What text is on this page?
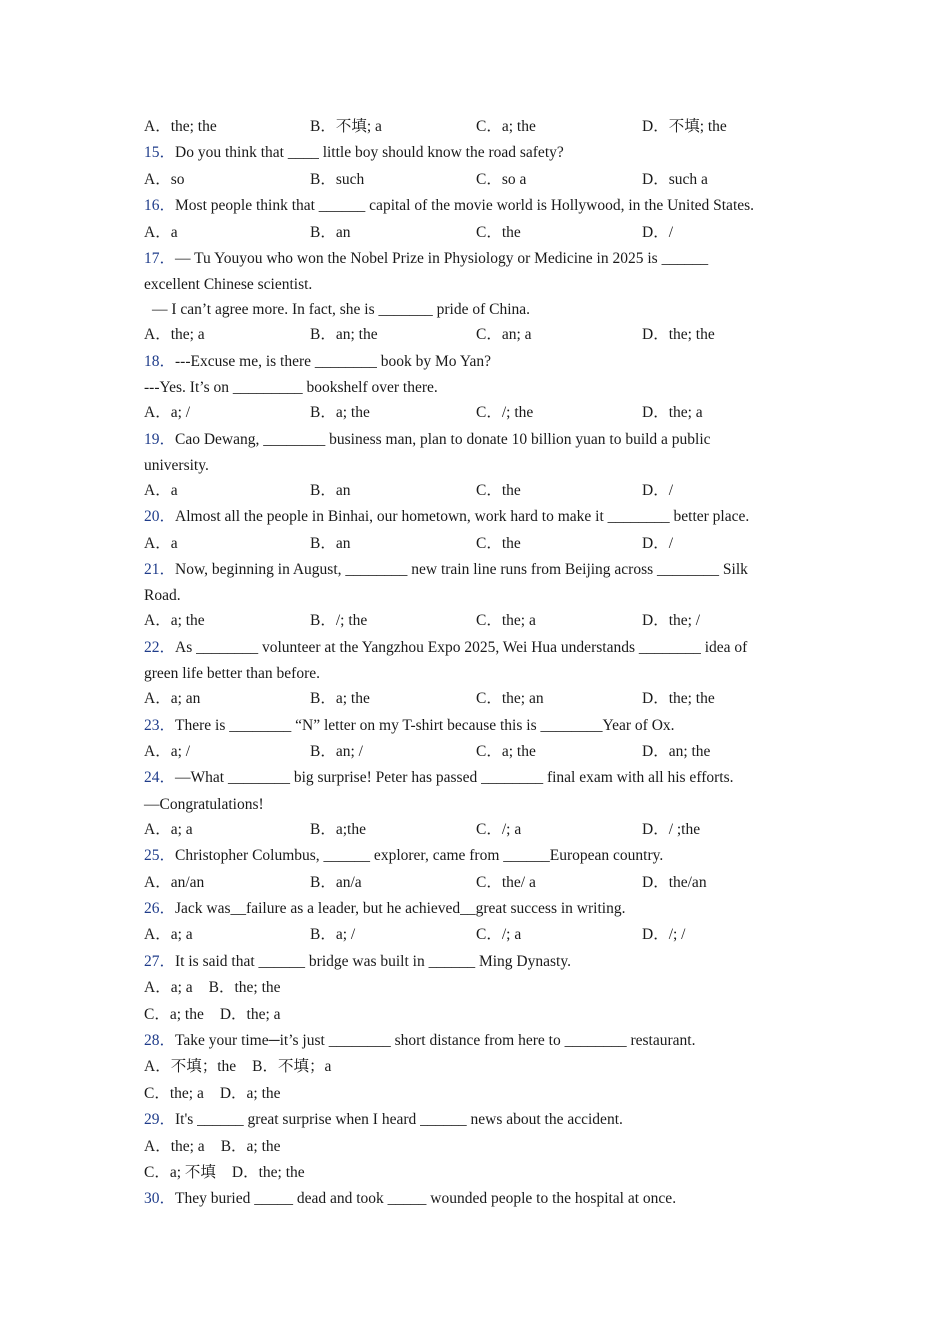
A．the; the	B．不填; a	C．a; the	D．不填; the
15．Do you think that ____ little boy should know the road safety?
A．so	B．such	C．so a	D．such a
16．Most people think that ______ capital of the movie world is Hollywood, in the United States.
A．a	B．an	C．the	D．/
17．— Tu Youyou who won the Nobel Prize in Physiology or Medicine in 2025 is ______
excellent Chinese scientist.
— I can’t agree more. In fact, she is _______ pride of China.
A．the; a	B．an; the	C．an; a	D．the; the
18．---Excuse me, is there ________ book by Mo Yan?
---Yes. It’s on _________ bookshelf over there.
A．a; /	B．a; the	C．/; the	D．the; a
19．Cao Dewang, ________ business man, plan to donate 10 billion yuan to build a public
university.
A．a	B．an	C．the	D．/
20．Almost all the people in Binhai, our hometown, work hard to make it ________ better place.
A．a	B．an	C．the	D．/
21．Now, beginning in August, ________ new train line runs from Beijing across ________ Silk
Road.
A．a; the	B．/; the	C．the; a	D．the; /
22．As ________ volunteer at the Yangzhou Expo 2025, Wei Hua understands ________ idea of
green life better than before.
A．a; an	B．a; the	C．the; an	D．the; the
23．There is ________ “N” letter on my T-shirt because this is ________Year of Ox.
A．a; /	B．an; /	C．a; the	D．an; the
24．—What ________ big surprise! Peter has passed ________ final exam with all his efforts.
—Congratulations!
A．a; a	B．a;the	C．/; a	D．/ ;the
25．Christopher Columbus, ______ explorer, came from ______European country.
A．an/an	B．an/a	C．the/ a	D．the/an
26．Jack was__failure as a leader, but he achieved__great success in writing.
A．a; a	B．a; /	C．/; a	D．/; /
27．It is said that ______ bridge was built in ______ Ming Dynasty.
A．a; a B．the; the
C．a; the D．the; a
28．Take your time─it’s just ________ short distance from here to ________ restaurant.
A．不填；the B．不填；a
C．the; a D．a; the
29．It's ______ great surprise when I heard ______ news about the accident.
A．the; a B．a; the
C．a; 不填 D．the; the
30．They buried _____ dead and took _____ wounded people to the hospital at once.
